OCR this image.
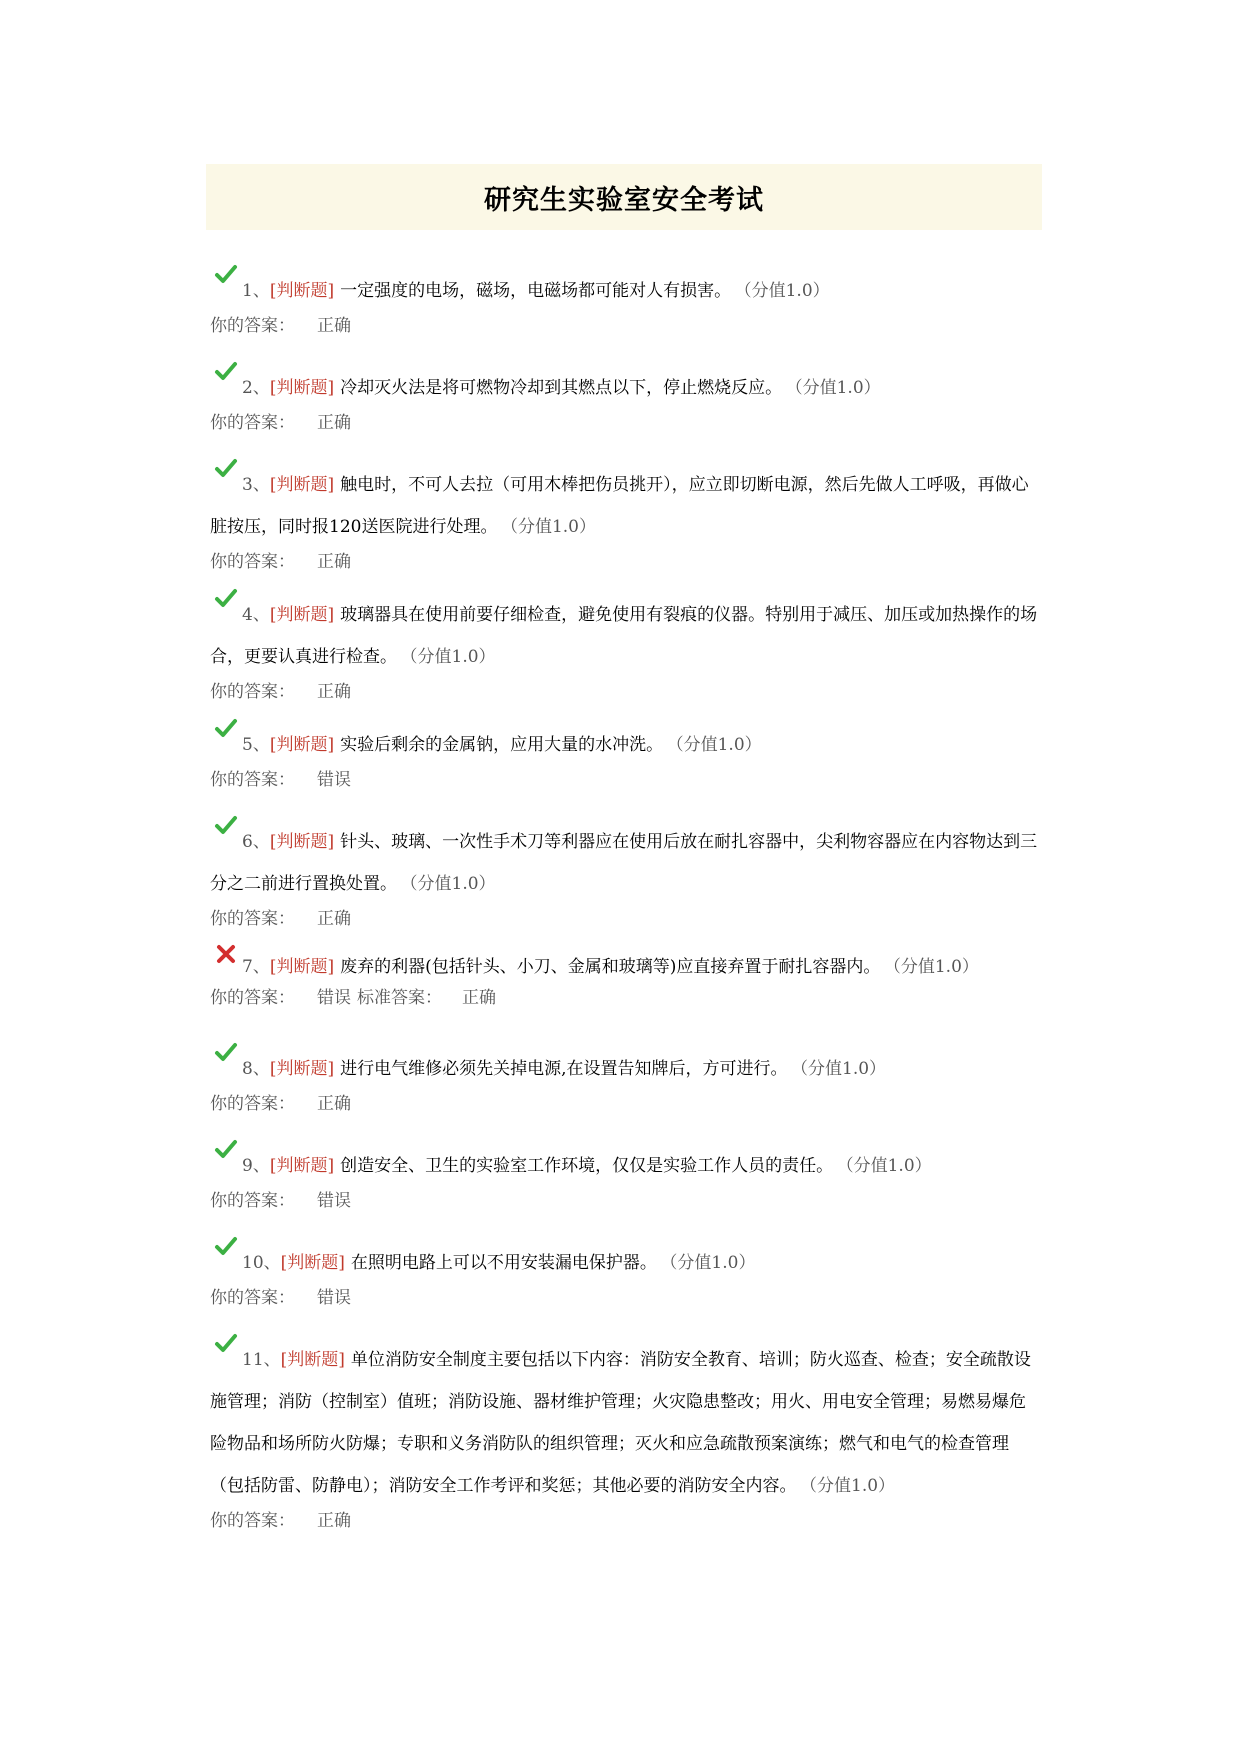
研究生实验室安全考试

1、[判断题] 一定强度的电场，磁场，电磁场都可能对人有损害。 （分值1.0）

你的答案： 正确

2、[判断题] 冷却灭火法是将可燃物冷却到其燃点以下，停止燃烧反应。 （分值1.0）

你的答案： 正确

3、[判断题] 触电时，不可人去拉（可用木棒把伤员挑开），应立即切断电源，然后先做人工呼吸，再做心脏按压，同时报120送医院进行处理。 （分值1.0）

你的答案： 正确

4、[判断题] 玻璃器具在使用前要仔细检查，避免使用有裂痕的仪器。特别用于减压、加压或加热操作的场合，更要认真进行检查。 （分值1.0）

你的答案： 正确

5、[判断题] 实验后剩余的金属钠，应用大量的水冲洗。 （分值1.0）

你的答案： 错误

6、[判断题] 针头、玻璃、一次性手术刀等利器应在使用后放在耐扎容器中，尖利物容器应在内容物达到三分之二前进行置换处置。 （分值1.0）

你的答案： 正确

7、[判断题] 废弃的利器(包括针头、小刀、金属和玻璃等)应直接弃置于耐扎容器内。 （分值1.0）

你的答案： 错误 标准答案： 正确

8、[判断题] 进行电气维修必须先关掉电源,在设置告知牌后，方可进行。 （分值1.0）

你的答案： 正确

9、[判断题] 创造安全、卫生的实验室工作环境，仅仅是实验工作人员的责任。 （分值1.0）

你的答案： 错误

10、[判断题] 在照明电路上可以不用安装漏电保护器。 （分值1.0）

你的答案： 错误

11、[判断题] 单位消防安全制度主要包括以下内容：消防安全教育、培训；防火巡查、检查；安全疏散设施管理；消防（控制室）值班；消防设施、器材维护管理；火灾隐患整改；用火、用电安全管理；易燃易爆危险物品和场所防火防爆；专职和义务消防队的组织管理；灭火和应急疏散预案演练；燃气和电气的检查管理（包括防雷、防静电）；消防安全工作考评和奖惩；其他必要的消防安全内容。 （分值1.0）

你的答案： 正确
